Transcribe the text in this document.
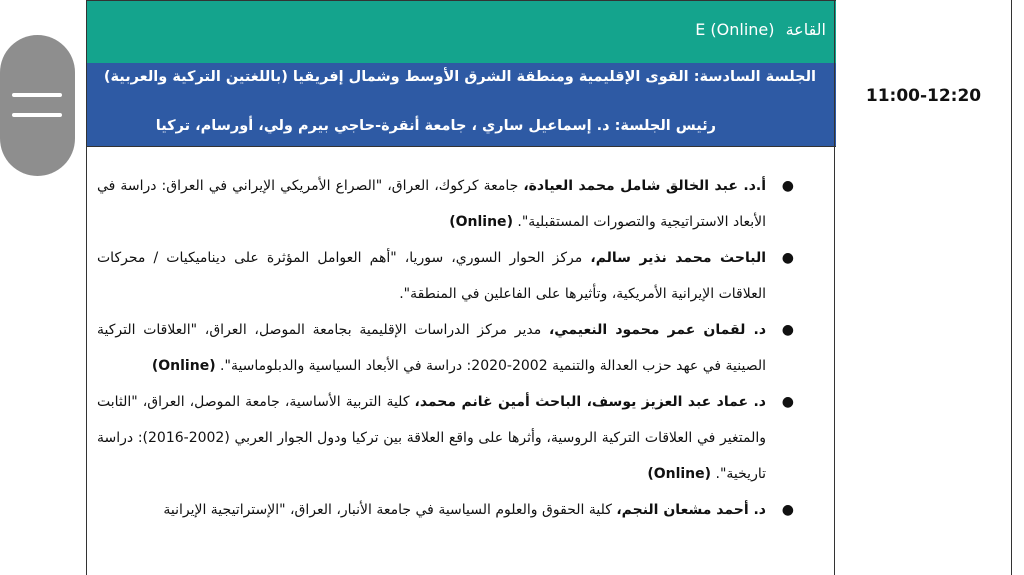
القاعة E (Online)
الجلسة السادسة: القوى الإقليمية ومنطقة الشرق الأوسط وشمال إفريقيا (باللغتين التركية والعربية)
رئيس الجلسة: د. إسماعيل ساري ، جامعة أنقرة-حاجي بيرم ولي، أورسام، تركيا
●
أ.د. عبد الخالق شامل محمد العيادة، جامعة كركوك، العراق، "الصراع الأمريكي الإيراني في العراق: دراسة في الأبعاد الاستراتيجية والتصورات المستقبلية". (Online)
●
الباحث محمد نذير سالم، مركز الحوار السوري، سوريا، "أهم العوامل المؤثرة على ديناميكيات / محركات العلاقات الإيرانية الأمريكية، وتأثيرها على الفاعلين في المنطقة".
●
د. لقمان عمر محمود النعيمي، مدير مركز الدراسات الإقليمية بجامعة الموصل، العراق، "العلاقات التركية الصينية في عهد حزب العدالة والتنمية 2002-2020: دراسة في الأبعاد السياسية والدبلوماسية". (Online)
●
د. عماد عبد العزيز يوسف، الباحث أمين غانم محمد، كلية التربية الأساسية، جامعة الموصل، العراق، "الثابت والمتغير في العلاقات التركية الروسية، وأثرها على واقع العلاقة بين تركيا ودول الجوار العربي (2002-2016): دراسة تاريخية". (Online)
●
د. أحمد مشعان النجم، كلية الحقوق والعلوم السياسية في جامعة الأنبار، العراق، "الإستراتيجية الإيرانية
11:00-12:20
